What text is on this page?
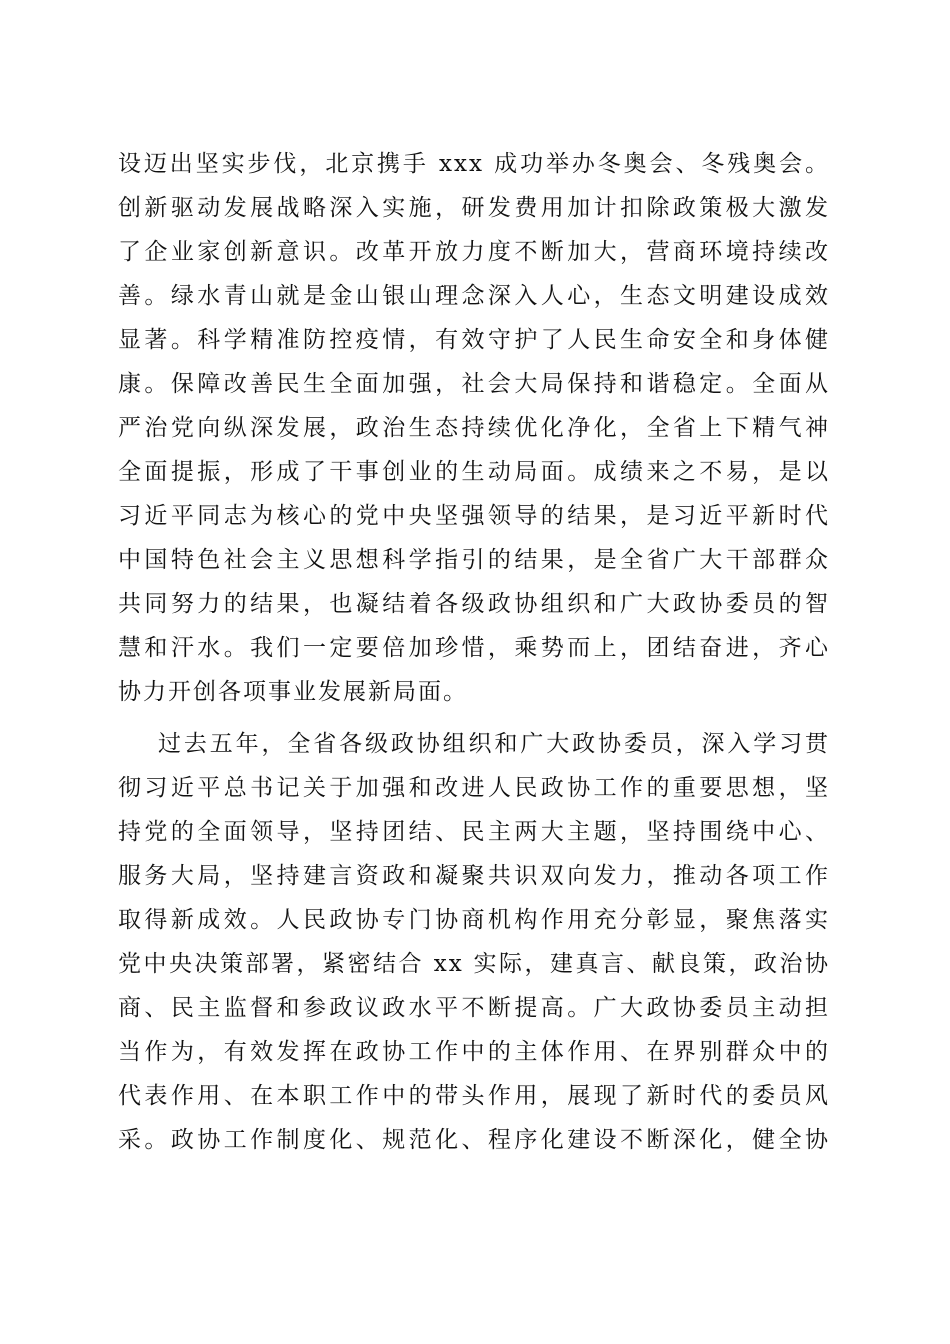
设迈出坚实步伐，北京携手 xxx 成功举办冬奥会、冬残奥会。
创新驱动发展战略深入实施，研发费用加计扣除政策极大激发
了企业家创新意识。改革开放力度不断加大，营商环境持续改
善。绿水青山就是金山银山理念深入人心，生态文明建设成效
显著。科学精准防控疫情，有效守护了人民生命安全和身体健
康。保障改善民生全面加强，社会大局保持和谐稳定。全面从
严治党向纵深发展，政治生态持续优化净化，全省上下精气神
全面提振，形成了干事创业的生动局面。成绩来之不易，是以
习近平同志为核心的党中央坚强领导的结果，是习近平新时代
中国特色社会主义思想科学指引的结果，是全省广大干部群众
共同努力的结果，也凝结着各级政协组织和广大政协委员的智
慧和汗水。我们一定要倍加珍惜，乘势而上，团结奋进，齐心
协力开创各项事业发展新局面。
过去五年，全省各级政协组织和广大政协委员，深入学习贯
彻习近平总书记关于加强和改进人民政协工作的重要思想，坚
持党的全面领导，坚持团结、民主两大主题，坚持围绕中心、
服务大局，坚持建言资政和凝聚共识双向发力，推动各项工作
取得新成效。人民政协专门协商机构作用充分彰显，聚焦落实
党中央决策部署，紧密结合 xx 实际，建真言、献良策，政治协
商、民主监督和参政议政水平不断提高。广大政协委员主动担
当作为，有效发挥在政协工作中的主体作用、在界别群众中的
代表作用、在本职工作中的带头作用，展现了新时代的委员风
采。政协工作制度化、规范化、程序化建设不断深化，健全协
